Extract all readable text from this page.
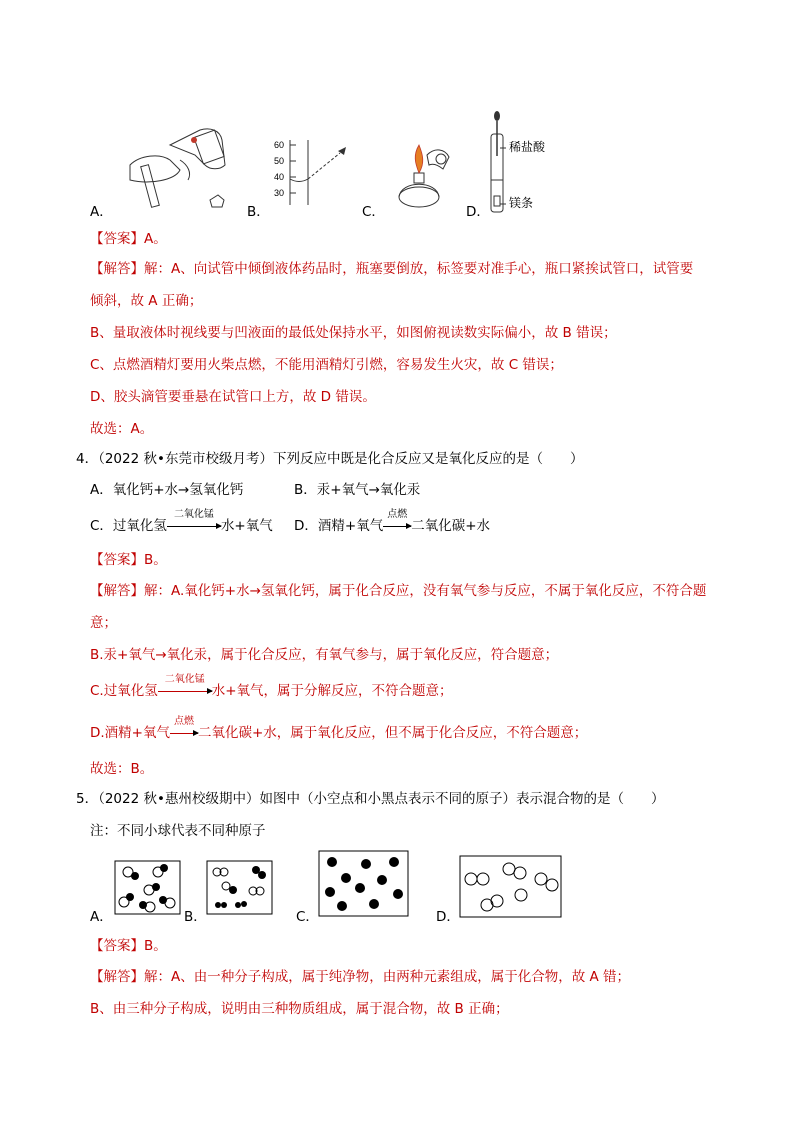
A．	B．
60
50
40
30
C．	D．
稀盐酸
镁条
【答案】A。
【解答】解：A、向试管中倾倒液体药品时，瓶塞要倒放，标签要对准手心，瓶口紧挨试管口，试管要
倾斜，故 A 正确；
B、量取液体时视线要与凹液面的最低处保持水平，如图俯视读数实际偏小，故 B 错误；
C、点燃酒精灯要用火柴点燃，不能用酒精灯引燃，容易发生火灾，故 C 错误；
D、胶头滴管要垂悬在试管口上方，故 D 错误。
故选：A。
4．（2022 秋•东莞市校级月考）下列反应中既是化合反应又是氧化反应的是（　　）
A．氧化钙+水→氢氧化钙	B．汞+氧气→氧化汞
C．过氧化氢
二氧化锰
水+氧气 D．酒精+氧气
点燃
二氧化碳+水
【答案】B。
【解答】解：A.氧化钙+水→氢氧化钙，属于化合反应，没有氧气参与反应，不属于氧化反应，不符合题
意；
B.汞+氧气→氧化汞，属于化合反应，有氧气参与，属于氧化反应，符合题意；
C.过氧化氢
二氧化锰
水+氧气，属于分解反应，不符合题意；
D.酒精+氧气
点燃
二氧化碳+水，属于氧化反应，但不属于化合反应，不符合题意；
故选：B。
5．（2022 秋•惠州校级期中）如图中（小空点和小黑点表示不同的原子）表示混合物的是（　　）
注：不同小球代表不同种原子
A．	B．	C．	D．
【答案】B。
【解答】解：A、由一种分子构成，属于纯净物，由两种元素组成，属于化合物，故 A 错；
B、由三种分子构成，说明由三种物质组成，属于混合物，故 B 正确；
